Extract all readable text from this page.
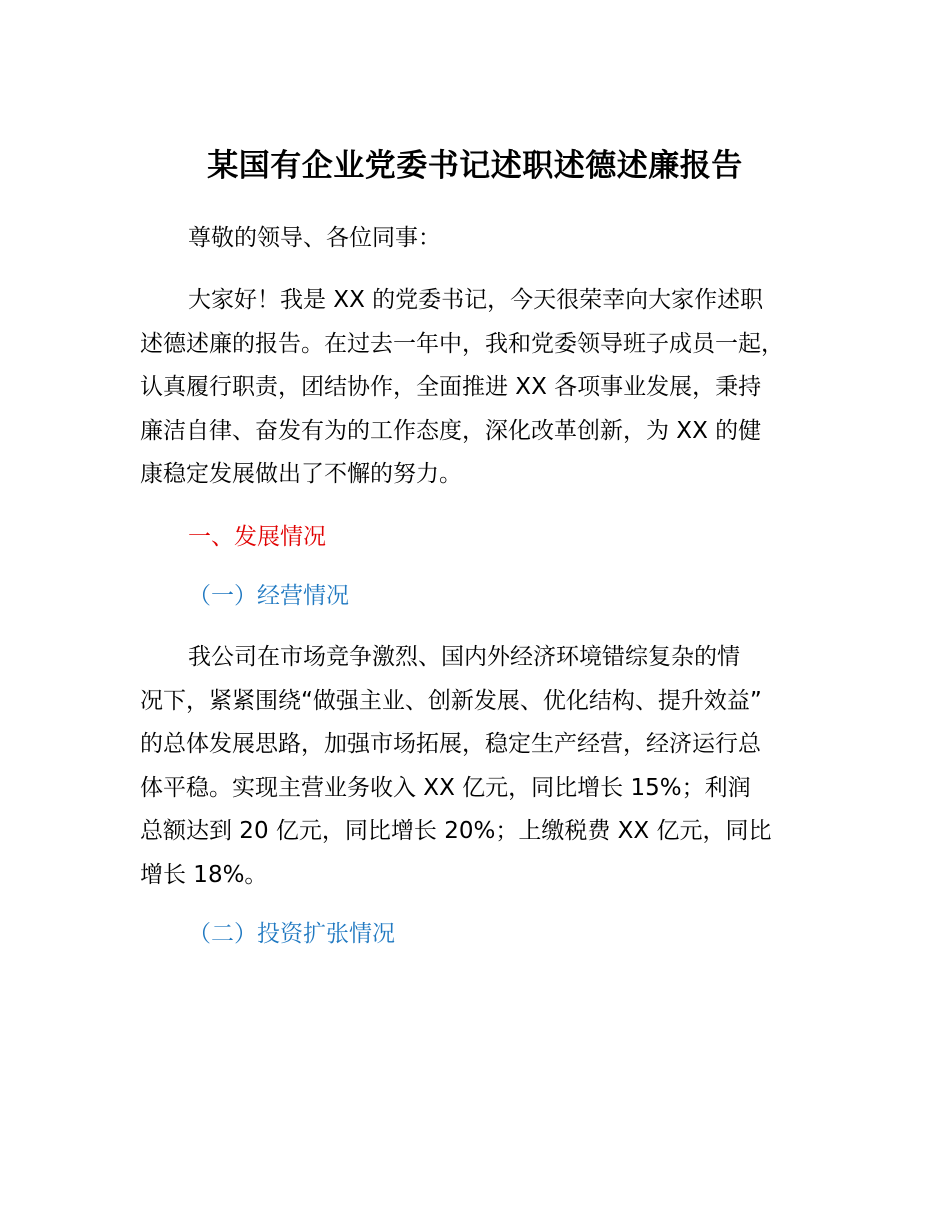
某国有企业党委书记述职述德述廉报告
尊敬的领导、各位同事：
大家好！我是 XX 的党委书记，今天很荣幸向大家作述职
述德述廉的报告。在过去一年中，我和党委领导班子成员一起，
认真履行职责，团结协作，全面推进 XX 各项事业发展，秉持
廉洁自律、奋发有为的工作态度，深化改革创新，为 XX 的健
康稳定发展做出了不懈的努力。
一、发展情况
（一）经营情况
我公司在市场竞争激烈、国内外经济环境错综复杂的情
况下，紧紧围绕“做强主业、创新发展、优化结构、提升效益”
的总体发展思路，加强市场拓展，稳定生产经营，经济运行总
体平稳。实现主营业务收入 XX 亿元，同比增长 15%；利润
总额达到 20 亿元，同比增长 20%；上缴税费 XX 亿元，同比
增长 18%。
（二）投资扩张情况
